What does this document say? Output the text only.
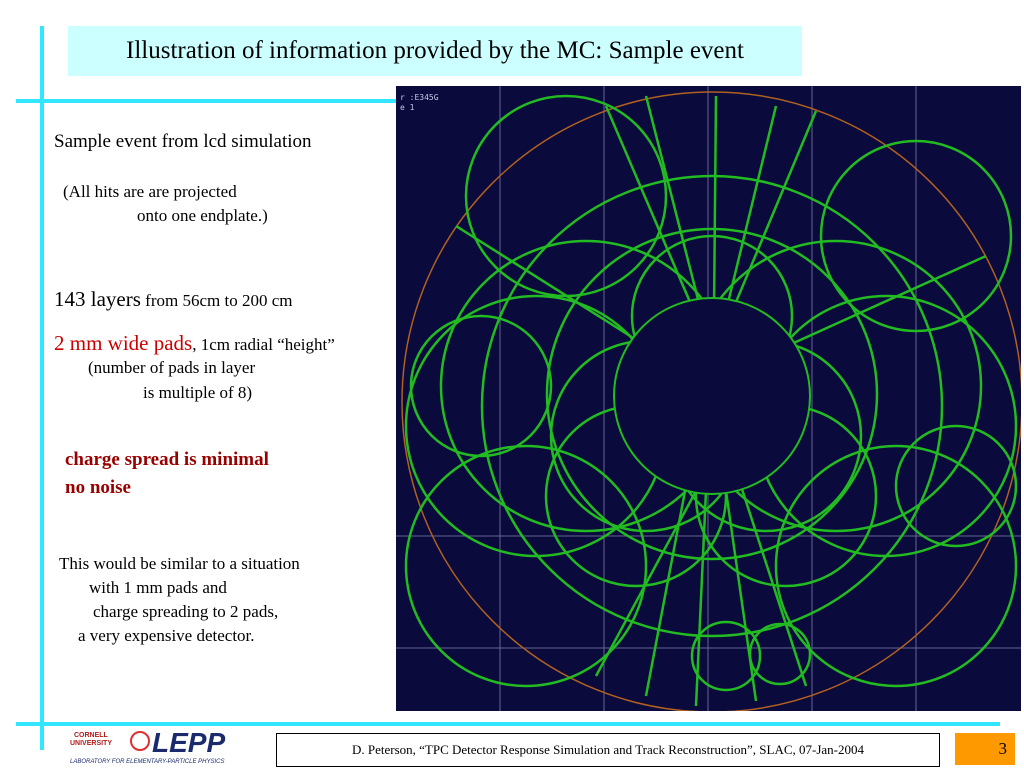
Illustration of information provided by the MC: Sample event
Sample event from lcd simulation
(All hits are are projected
onto one endplate.)
143 layers from 56cm to 200 cm
2 mm wide pads, 1cm radial “height”
(number of pads in layer
is multiple of 8)
charge spread is minimal
no noise
This would be similar to a situation
with 1 mm pads and
charge spreading to 2 pads,
a very expensive detector.
r :E345G
e 1
CORNELL
UNIVERSITY LEPP
LABORATORY FOR ELEMENTARY-PARTICLE PHYSICS
D. Peterson, “TPC Detector Response Simulation and Track Reconstruction”, SLAC, 07-Jan-2004	3
